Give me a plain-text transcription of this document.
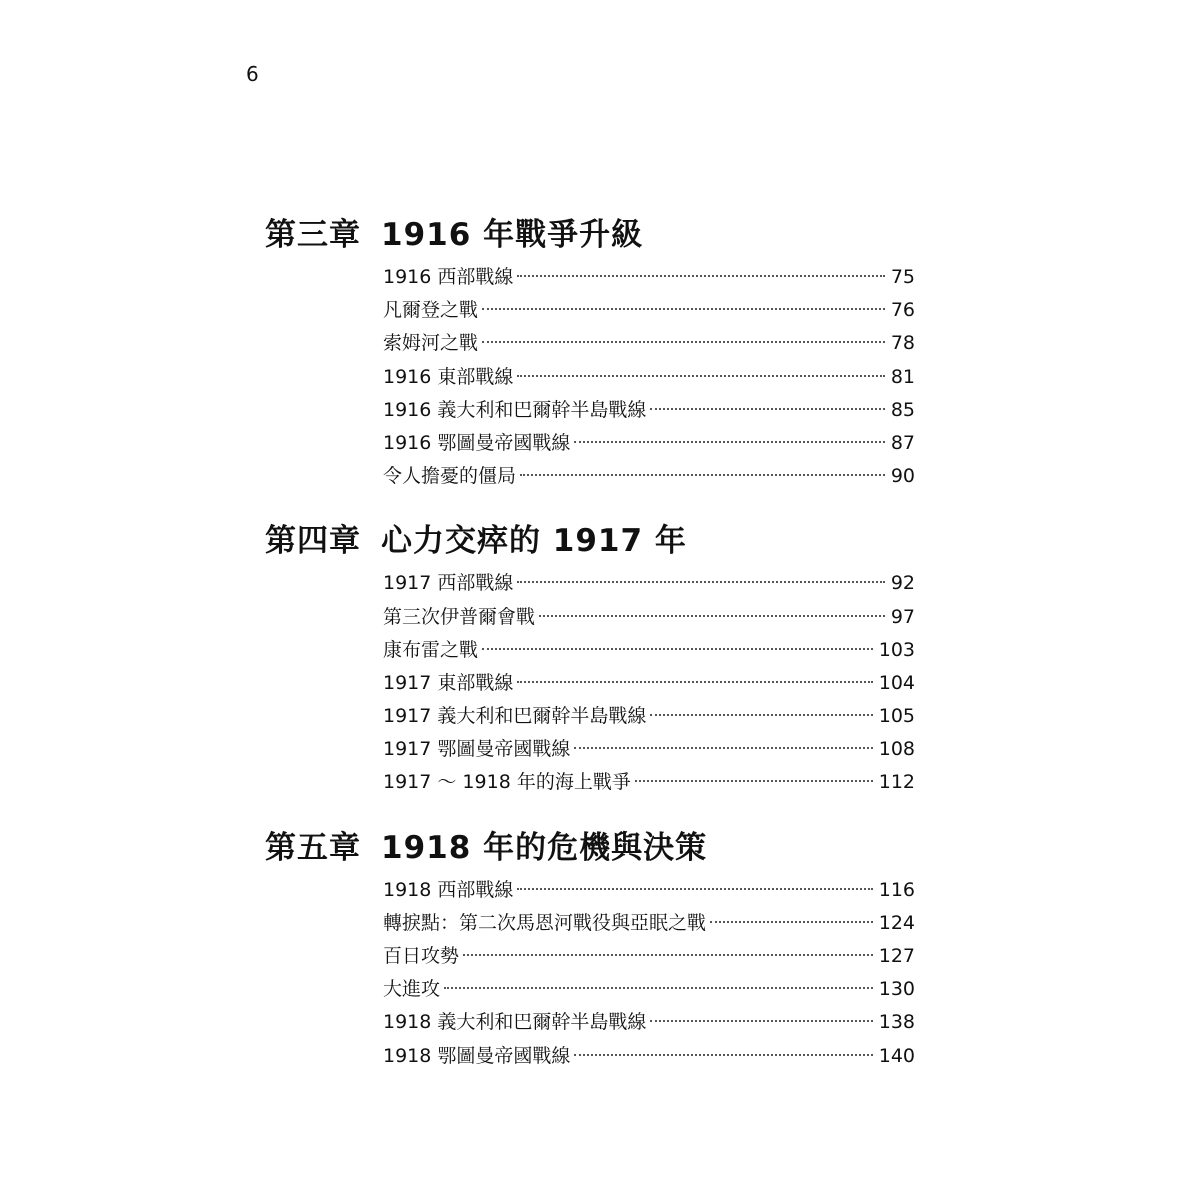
6
第三章 1916 年戰爭升級
1916 西部戰線	75
凡爾登之戰	76
索姆河之戰	78
1916 東部戰線	81
1916 義大利和巴爾幹半島戰線	85
1916 鄂圖曼帝國戰線	87
令人擔憂的僵局	90
第四章 心力交瘁的 1917 年
1917 西部戰線	92
第三次伊普爾會戰	97
康布雷之戰	103
1917 東部戰線	104
1917 義大利和巴爾幹半島戰線	105
1917 鄂圖曼帝國戰線	108
1917 ～ 1918 年的海上戰爭	112
第五章 1918 年的危機與決策
1918 西部戰線	116
轉捩點：第二次馬恩河戰役與亞眠之戰	124
百日攻勢	127
大進攻	130
1918 義大利和巴爾幹半島戰線	138
1918 鄂圖曼帝國戰線	140
